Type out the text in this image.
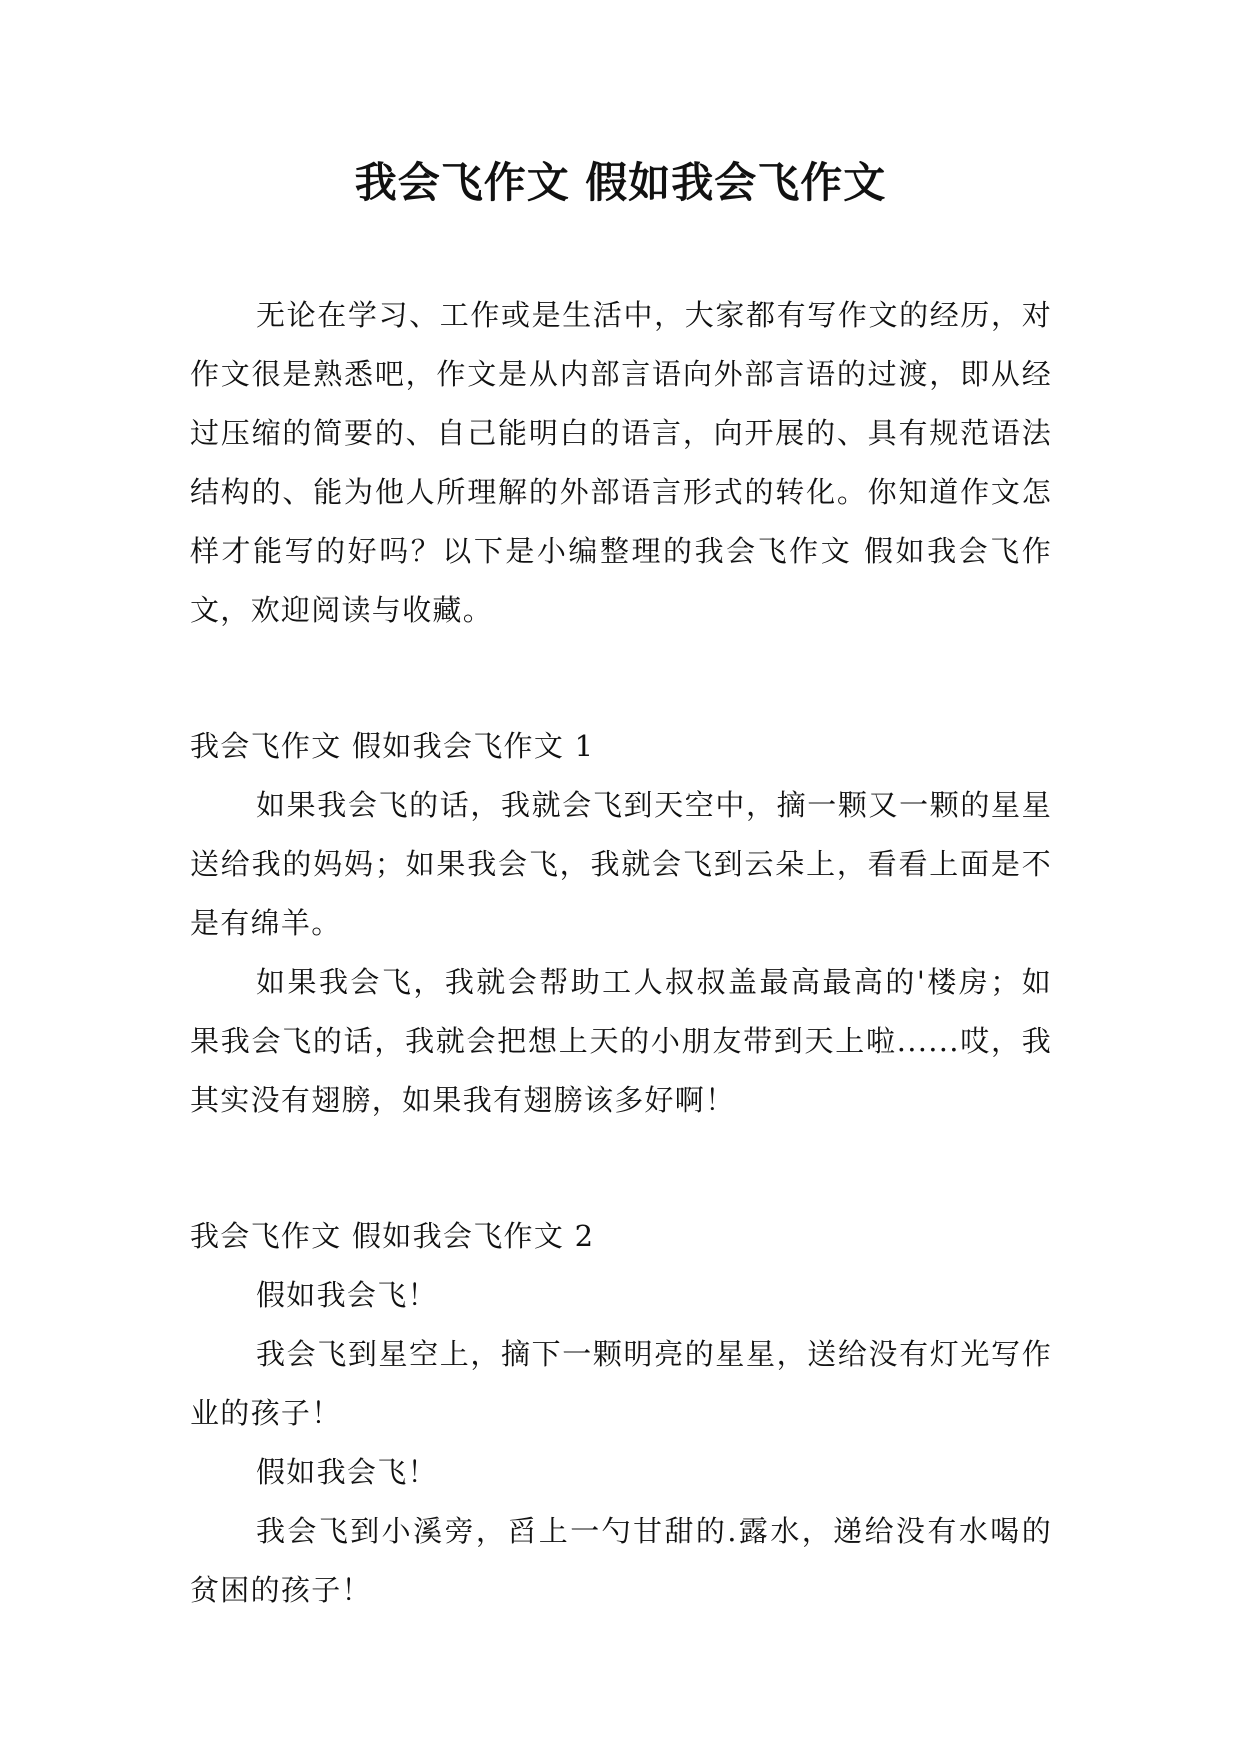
我会飞作文 假如我会飞作文

无论在学习、工作或是生活中，大家都有写作文的经历，对作文很是熟悉吧，作文是从内部言语向外部言语的过渡，即从经过压缩的简要的、自己能明白的语言，向开展的、具有规范语法结构的、能为他人所理解的外部语言形式的转化。你知道作文怎样才能写的好吗？以下是小编整理的我会飞作文 假如我会飞作文，欢迎阅读与收藏。

我会飞作文 假如我会飞作文 1

如果我会飞的话，我就会飞到天空中，摘一颗又一颗的星星送给我的妈妈；如果我会飞，我就会飞到云朵上，看看上面是不是有绵羊。

如果我会飞，我就会帮助工人叔叔盖最高最高的'楼房；如果我会飞的话，我就会把想上天的小朋友带到天上啦......哎，我其实没有翅膀，如果我有翅膀该多好啊！

我会飞作文 假如我会飞作文 2

假如我会飞！

我会飞到星空上，摘下一颗明亮的星星，送给没有灯光写作业的孩子！

假如我会飞！

我会飞到小溪旁，舀上一勺甘甜的.露水，递给没有水喝的贫困的孩子！
